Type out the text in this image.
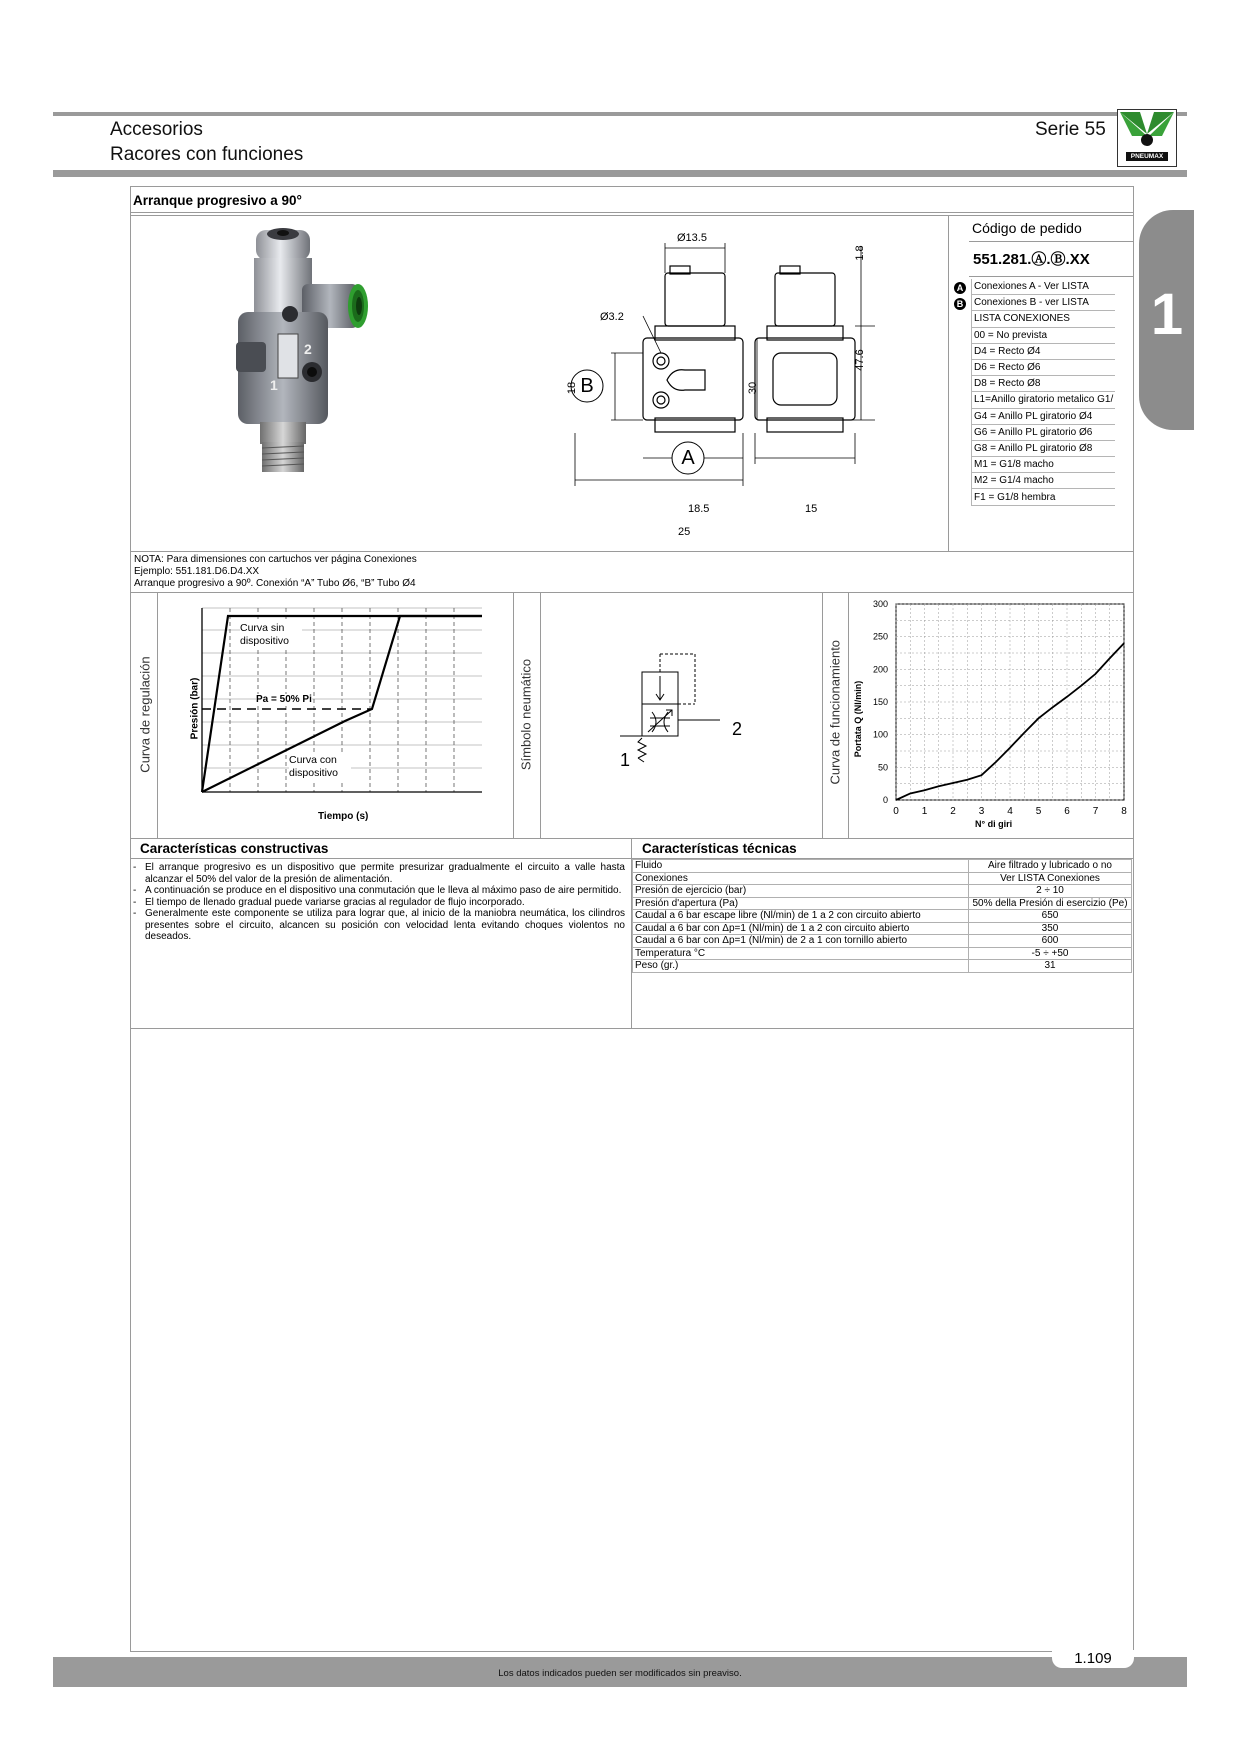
Accesorios
Racores con funciones
Serie 55
PNEUMAX
1
Arranque progresivo a 90°
2
1
Ø13.5
Ø3.2
18	30
47.6
1.8
18.5
25
15
B
A
Código de pedido
551.281.Ⓐ.Ⓑ.XX
A
B
Conexiones A - Ver LISTA
Conexiones B - ver LISTA
LISTA CONEXIONES
00 = No prevista
D4 = Recto Ø4
D6 = Recto Ø6
D8 = Recto Ø8
L1=Anillo giratorio metalico G1/
G4 = Anillo PL giratorio Ø4
G6 = Anillo PL giratorio Ø6
G8 = Anillo PL giratorio Ø8
M1 = G1/8 macho
M2 = G1/4 macho
F1 = G1/8 hembra
NOTA: Para dimensiones con cartuchos ver página Conexiones
Ejemplo: 551.181.D6.D4.XX
Arranque progresivo a 90º. Conexión “A” Tubo Ø6, “B” Tubo Ø4
Curva de regulación	Símbolo neumático	Curva de funcionamiento
Presión (bar)
Tiempo (s)
Curva sin dispositivo
Curva con dispositivo
Pa = 50% Pi
2
1
0 1 2 3 4 5 6 7 8
0
50
100
150
200
250
300
Portata Q (Nl/min)
N° di giri
Características constructivas	Características técnicas
- El arranque progresivo es un dispositivo que permite presurizar gradualmente el circuito a valle hasta alcanzar el 50% del valor de la presión de alimentación.
- A continuación se produce en el dispositivo una conmutación que le lleva al máximo paso de aire permitido.
- El tiempo de llenado gradual puede variarse gracias al regulador de flujo incorporado.
- Generalmente este componente se utiliza para lograr que, al inicio de la maniobra neumática, los cilindros presentes sobre el circuito, alcancen su posición con velocidad lenta evitando choques violentos no deseados.
Fluido	Aire filtrado y lubricado o no
Conexiones	Ver LISTA Conexiones
Presión de ejercicio (bar)	2 ÷ 10
Presión d'apertura (Pa)	50% della Presión di esercizio (Pe)
Caudal a 6 bar escape libre (Nl/min) de 1 a 2 con circuito abierto	650
Caudal a 6 bar con Δp=1 (Nl/min) de 1 a 2 con circuito abierto	350
Caudal a 6 bar con Δp=1 (Nl/min) de 2 a 1 con tornillo abierto	600
Temperatura °C	-5 ÷ +50
Peso (gr.)	31
Los datos indicados pueden ser modificados sin preaviso.
1.109
